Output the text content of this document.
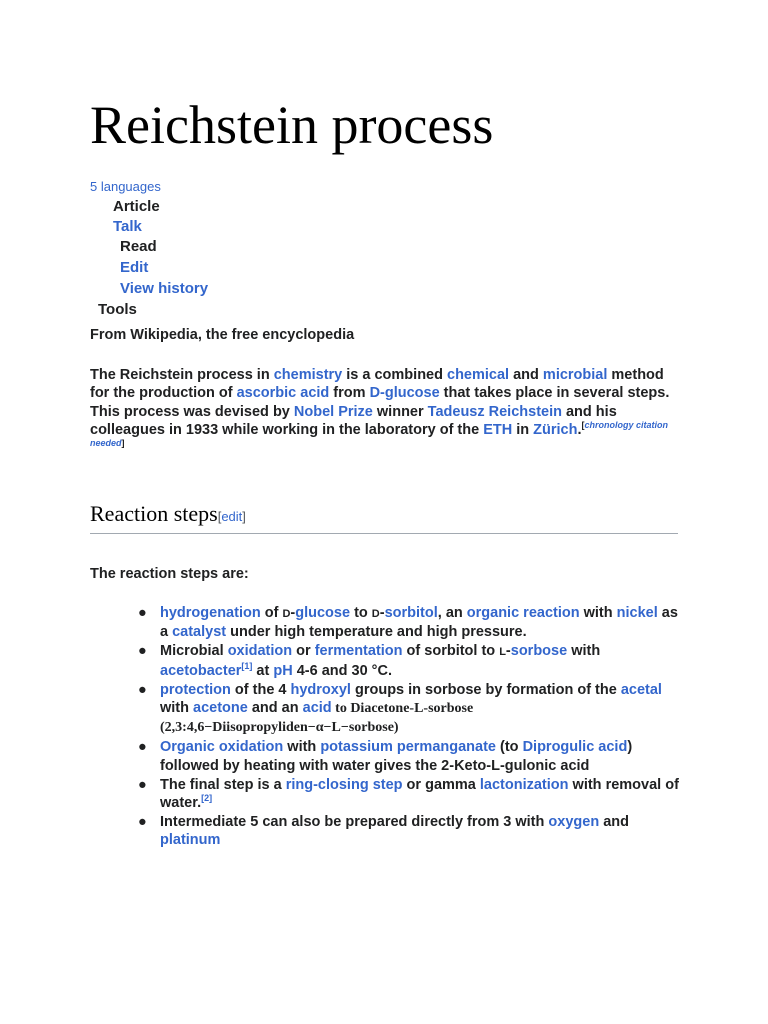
Reichstein process
5 languages
Article
Talk
Read
Edit
View history
Tools
From Wikipedia, the free encyclopedia

The Reichstein process in chemistry is a combined chemical and microbial method for the production of ascorbic acid from D-glucose that takes place in several steps. This process was devised by Nobel Prize winner Tadeusz Reichstein and his colleagues in 1933 while working in the laboratory of the ETH in Zürich.[chronology citation needed]

Reaction steps[edit]
The reaction steps are:
● hydrogenation of D-glucose to D-sorbitol, an organic reaction with nickel as a catalyst under high temperature and high pressure.
● Microbial oxidation or fermentation of sorbitol to L-sorbose with acetobacter[1] at pH 4-6 and 30 °C.
● protection of the 4 hydroxyl groups in sorbose by formation of the acetal with acetone and an acid to Diacetone-L-sorbose (2,3:4,6−Diisopropyliden−α−L−sorbose)
● Organic oxidation with potassium permanganate (to Diprogulic acid) followed by heating with water gives the 2-Keto-L-gulonic acid
● The final step is a ring-closing step or gamma lactonization with removal of water.[2]
● Intermediate 5 can also be prepared directly from 3 with oxygen and platinum
